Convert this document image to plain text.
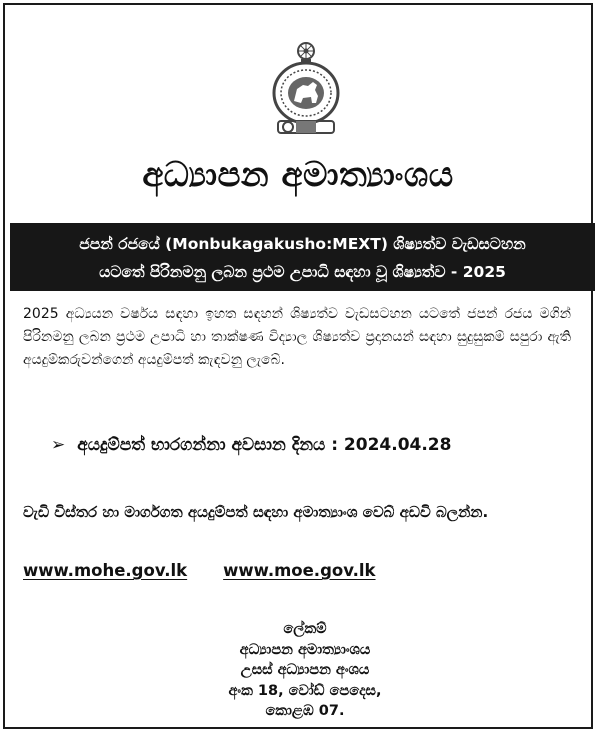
අධ්‍යාපන අමාත්‍යාංශය
ජපන් රජයේ (Monbukagakusho:MEXT) ශිෂ්‍යත්ව වැඩසටහන
යටතේ පිරිනමනු ලබන ප්‍රථම උපාධි සඳහා වූ ශිෂ්‍යත්ව - 2025
2025 අධ්‍යයන වර්ෂය සඳහා ඉහත සඳහන් ශිෂ්‍යත්ව වැඩසටහන යටතේ ජපන් රජය මගින් පිරිනමනු ලබන ප්‍රථම උපාධි හා තාක්ෂණ විද්‍යාල ශිෂ්‍යත්ව ප්‍රදානයන් සඳහා සුදුසුකම් සපුරා ඇති අයදුම්කරුවන්ගෙන් අයදුම්පත් කැඳවනු ලැබේ.
➢ අයදුම්පත් භාරගන්නා අවසාන දිනය : 2024.04.28
වැඩි විස්තර හා මාර්ගගත අයදුම්පත් සඳහා අමාත්‍යාංශ වෙබ් අඩවි බලන්න.
www.mohe.gov.lk www.moe.gov.lk
ලේකම්
අධ්‍යාපන අමාත්‍යාංශය
උසස් අධ්‍යාපන අංශය
අංක 18, වෝඩ් පෙදෙස,
කොළඹ 07.
